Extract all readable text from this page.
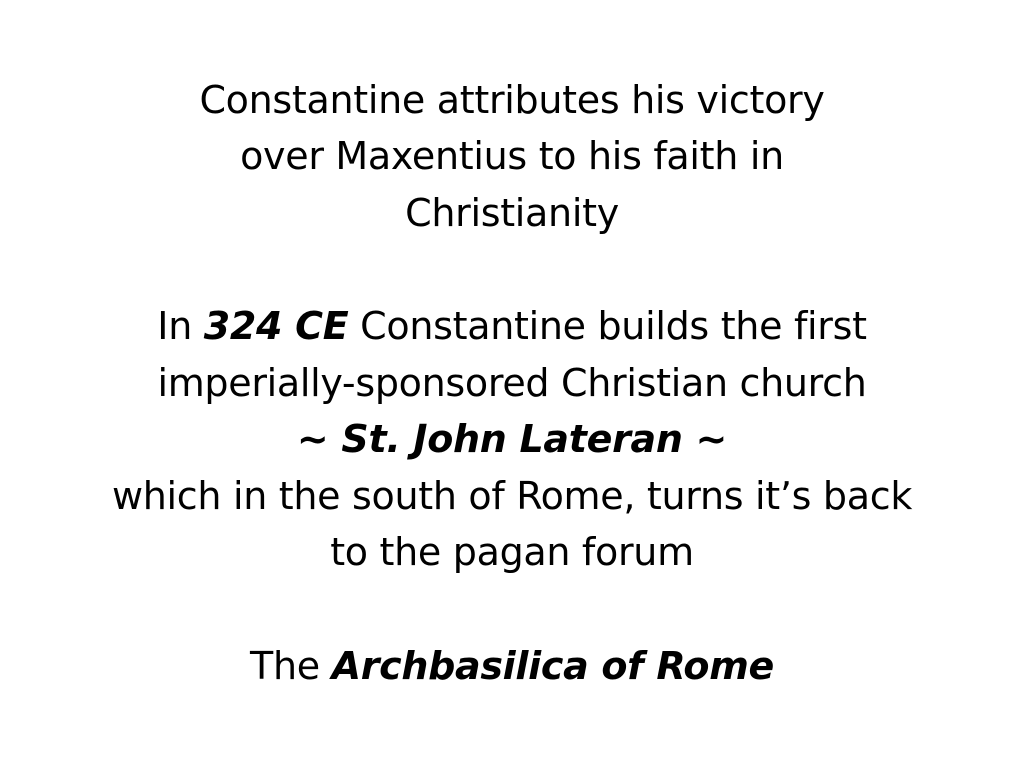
Constantine attributes his victory
over Maxentius to his faith in
Christianity
In 324 CE Constantine builds the first
imperially-sponsored Christian church
~ St. John Lateran ~
which in the south of Rome, turns it’s back
to the pagan forum
The Archbasilica of Rome
